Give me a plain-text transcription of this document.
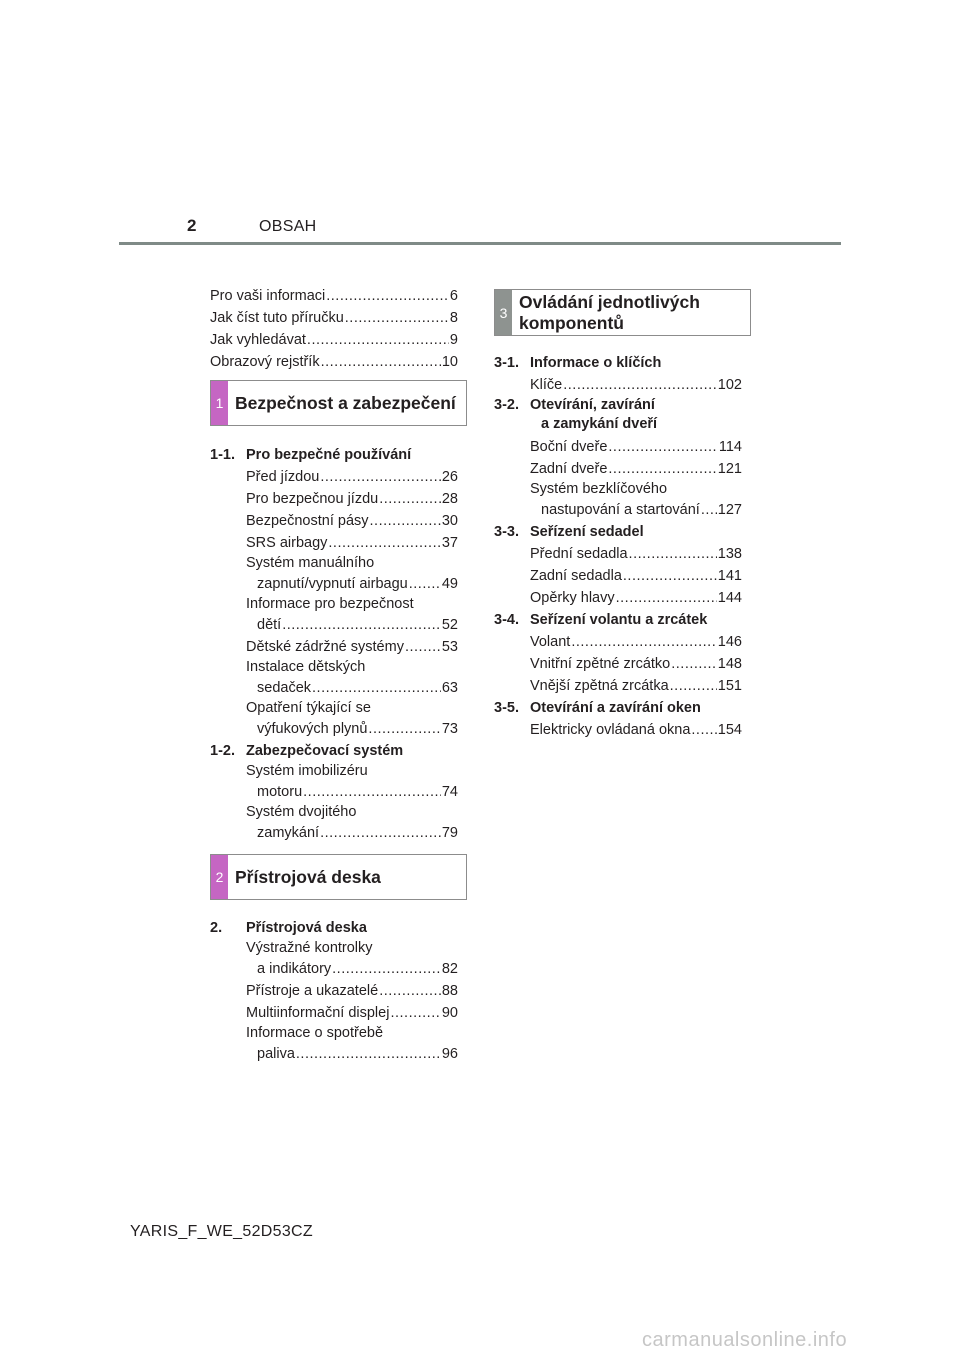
2	OBSAH
Pro vaši informaci .....	6
Jak číst tuto příručku .....	8
Jak vyhledávat .....	9
Obrazový rejstřík .....	10
1 Bezpečnost a zabezpečení
1-1. Pro bezpečné používání
Před jízdou .....	26
Pro bezpečnou jízdu .....	28
Bezpečnostní pásy .....	30
SRS airbagy .....	37
Systém manuálního
zapnutí/vypnutí airbagu ..... 49
Informace pro bezpečnost
dětí .....	52
Dětské zádržné systémy .....	53
Instalace dětských
sedaček .....	63
Opatření týkající se
výfukových plynů .....	73
1-2. Zabezpečovací systém
Systém imobilizéru
motoru .....	74
Systém dvojitého
zamykání .....	79
2 Přístrojová deska
2.	Přístrojová deska
Výstražné kontrolky
a indikátory .....	82
Přístroje a ukazatelé .....	88
Multiinformační displej .....	90
Informace o spotřebě
paliva .....	96
3
Ovládání jednotlivých
komponentů
3-1. Informace o klíčích
Klíče .....	102
3-2. Otevírání, zavírání
a zamykání dveří
Boční dveře .....	114
Zadní dveře .....	121
Systém bezklíčového
nastupování a startování ..... 127
3-3. Seřízení sedadel
Přední sedadla .....	138
Zadní sedadla .....	141
Opěrky hlavy .....	144
3-4. Seřízení volantu a zrcátek
Volant .....	146
Vnitřní zpětné zrcátko .....	148
Vnější zpětná zrcátka .....	151
3-5. Otevírání a zavírání oken
Elektricky ovládaná okna ..... 154
YARIS_F_WE_52D53CZ
carmanualsonline.info
